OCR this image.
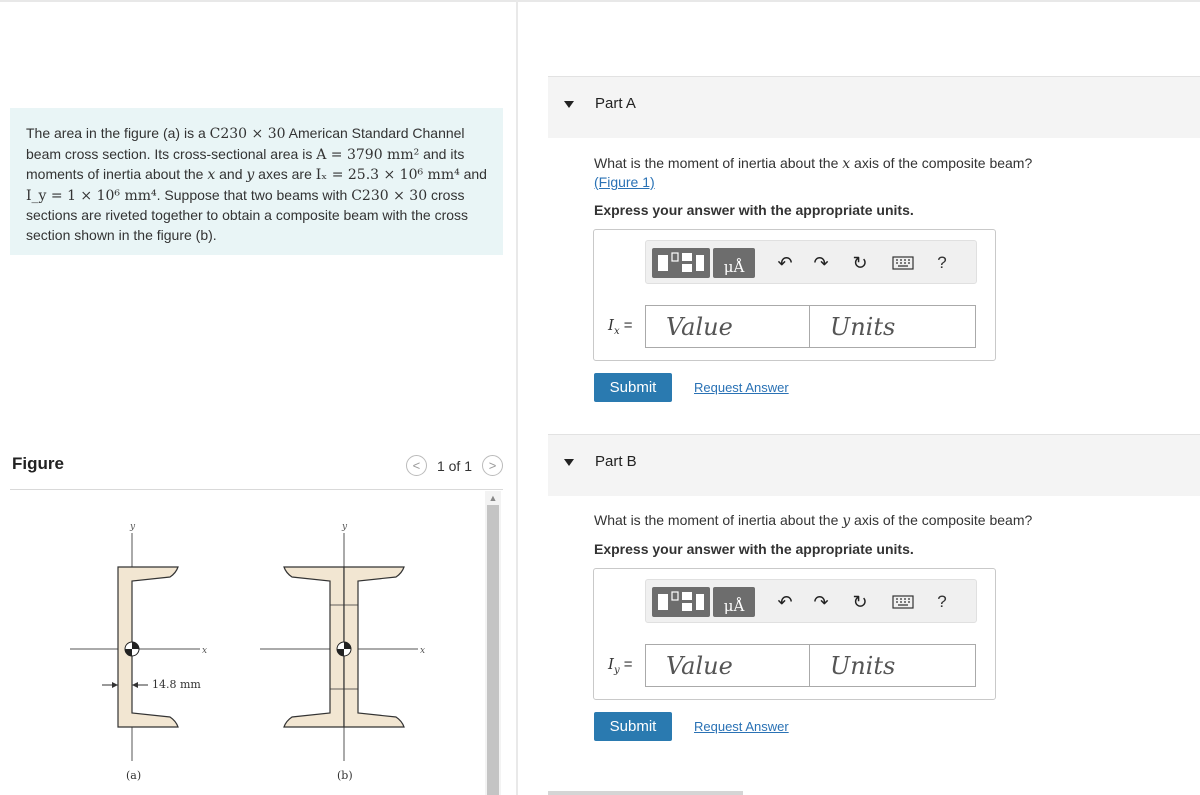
The area in the figure (a) is a C230 × 30 American Standard Channel beam cross section. Its cross-sectional area is A = 3790 mm² and its moments of inertia about the x and y axes are Iₓ = 25.3 × 10⁶ mm⁴ and I_y = 1 × 10⁶ mm⁴. Suppose that two beams with C230 × 30 cross sections are riveted together to obtain a composite beam with the cross section shown in the figure (b).
Figure	<	1 of 1	>
y
x
14.8 mm
(a)
y
x
(b)
▲
Part A
What is the moment of inertia about the x axis of the composite beam?
(Figure 1)
Express your answer with the appropriate units.
μÅ	↶ ↷ ↻	?
$I_x$ =	Value	Units
Submit	Request Answer
Part B
What is the moment of inertia about the y axis of the composite beam?
Express your answer with the appropriate units.
μÅ	↶ ↷ ↻	?
$I_y$ =	Value	Units
Submit	Request Answer
